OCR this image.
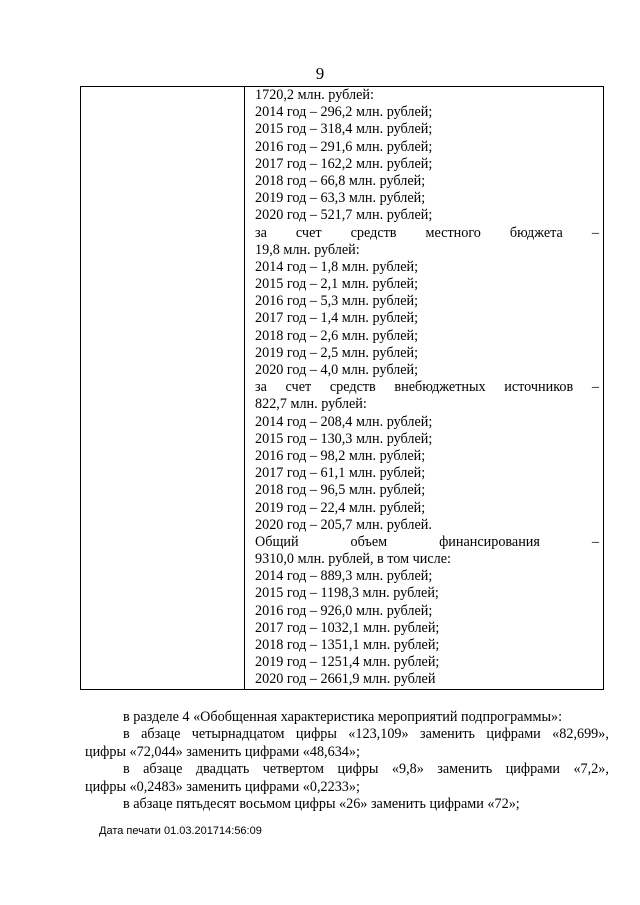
9
1720,2 млн. рублей:
2014 год – 296,2 млн. рублей;
2015 год – 318,4 млн. рублей;
2016 год – 291,6 млн. рублей;
2017 год – 162,2 млн. рублей;
2018 год – 66,8 млн. рублей;
2019 год – 63,3 млн. рублей;
2020 год – 521,7 млн. рублей;
за счет средств местного бюджета –
19,8 млн. рублей:
2014 год – 1,8 млн. рублей;
2015 год – 2,1 млн. рублей;
2016 год – 5,3 млн. рублей;
2017 год – 1,4 млн. рублей;
2018 год – 2,6 млн. рублей;
2019 год – 2,5 млн. рублей;
2020 год – 4,0 млн. рублей;
за счет средств внебюджетных источников –
822,7 млн. рублей:
2014 год – 208,4 млн. рублей;
2015 год – 130,3 млн. рублей;
2016 год – 98,2 млн. рублей;
2017 год – 61,1 млн. рублей;
2018 год – 96,5 млн. рублей;
2019 год – 22,4 млн. рублей;
2020 год – 205,7 млн. рублей.
Общий	объем	финансирования	–
9310,0 млн. рублей, в том числе:
2014 год – 889,3 млн. рублей;
2015 год – 1198,3 млн. рублей;
2016 год – 926,0 млн. рублей;
2017 год – 1032,1 млн. рублей;
2018 год – 1351,1 млн. рублей;
2019 год – 1251,4 млн. рублей;
2020 год – 2661,9 млн. рублей
в разделе 4 «Обобщенная характеристика мероприятий подпрограммы»:
в абзаце четырнадцатом цифры «123,109» заменить цифрами «82,699»,
цифры «72,044» заменить цифрами «48,634»;
в абзаце двадцать четвертом цифры «9,8» заменить цифрами «7,2»,
цифры «0,2483» заменить цифрами «0,2233»;
в абзаце пятьдесят восьмом цифры «26» заменить цифрами «72»;
Дата печати 01.03.201714:56:09
